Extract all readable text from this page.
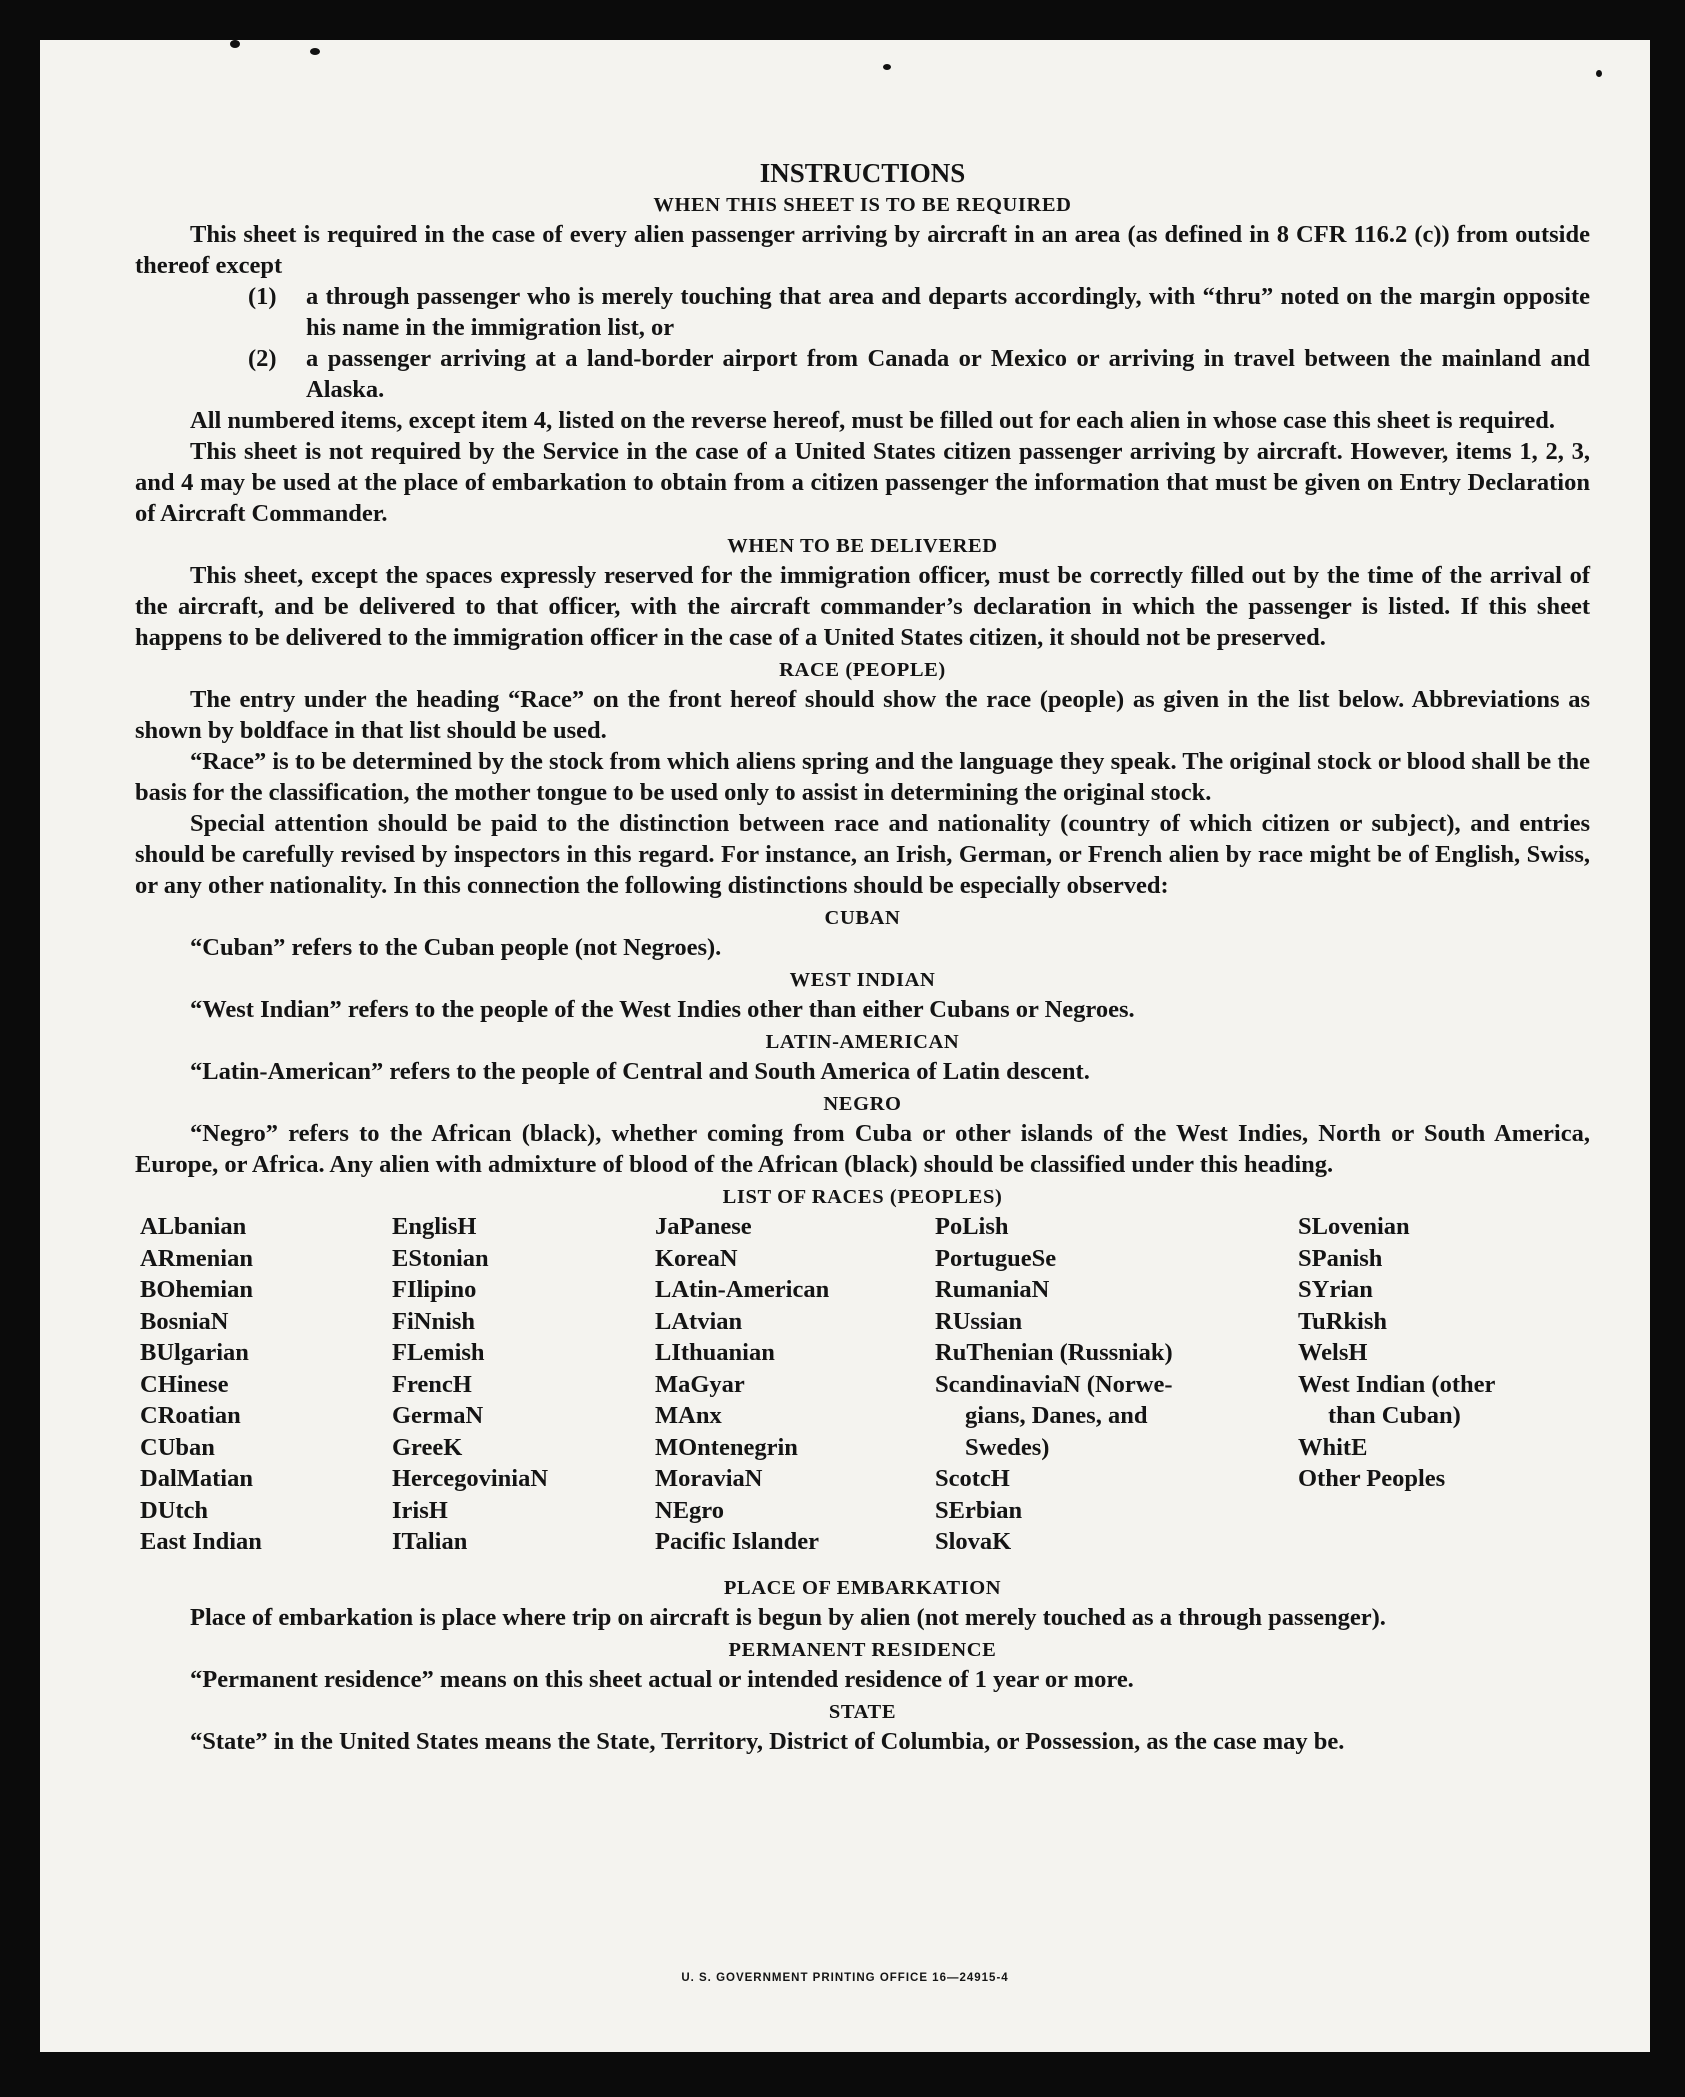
INSTRUCTIONS

WHEN THIS SHEET IS TO BE REQUIRED

This sheet is required in the case of every alien passenger arriving by aircraft in an area (as defined in 8 CFR 116.2 (c)) from outside thereof except

(1) a through passenger who is merely touching that area and departs accordingly, with “thru” noted on the margin opposite his name in the immigration list, or

(2) a passenger arriving at a land-border airport from Canada or Mexico or arriving in travel between the mainland and Alaska.

All numbered items, except item 4, listed on the reverse hereof, must be filled out for each alien in whose case this sheet is required.

This sheet is not required by the Service in the case of a United States citizen passenger arriving by aircraft. However, items 1, 2, 3, and 4 may be used at the place of embarkation to obtain from a citizen passenger the information that must be given on Entry Declaration of Aircraft Commander.

WHEN TO BE DELIVERED

This sheet, except the spaces expressly reserved for the immigration officer, must be correctly filled out by the time of the arrival of the aircraft, and be delivered to that officer, with the aircraft commander’s declaration in which the passenger is listed. If this sheet happens to be delivered to the immigration officer in the case of a United States citizen, it should not be preserved.

RACE (PEOPLE)

The entry under the heading “Race” on the front hereof should show the race (people) as given in the list below. Abbreviations as shown by boldface in that list should be used.

“Race” is to be determined by the stock from which aliens spring and the language they speak. The original stock or blood shall be the basis for the classification, the mother tongue to be used only to assist in determining the original stock.

Special attention should be paid to the distinction between race and nationality (country of which citizen or subject), and entries should be carefully revised by inspectors in this regard. For instance, an Irish, German, or French alien by race might be of English, Swiss, or any other nationality. In this connection the following distinctions should be especially observed:

CUBAN

“Cuban” refers to the Cuban people (not Negroes).

WEST INDIAN

“West Indian” refers to the people of the West Indies other than either Cubans or Negroes.

LATIN-AMERICAN

“Latin-American” refers to the people of Central and South America of Latin descent.

NEGRO

“Negro” refers to the African (black), whether coming from Cuba or other islands of the West Indies, North or South America, Europe, or Africa. Any alien with admixture of blood of the African (black) should be classified under this heading.

LIST OF RACES (PEOPLES)

ALbanian

ARmenian

BOhemian

BosniaN

BUlgarian

CHinese

CRoatian

CUban

DalMatian

DUtch

East Indian

EnglisH

EStonian

FIlipino

FiNnish

FLemish

FrencH

GermaN

GreeK

HercegoviniaN

IrisH

ITalian

JaPanese

KoreaN

LAtin-American

LAtvian

LIthuanian

MaGyar

MAnx

MOntenegrin

MoraviaN

NEgro

Pacific Islander

PoLish

PortugueSe

RumaniaN

RUssian

RuThenian (Russniak)

ScandinaviaN (Norwe-

gians, Danes, and

Swedes)

ScotcH

SErbian

SlovaK

SLovenian

SPanish

SYrian

TuRkish

WelsH

West Indian (other

than Cuban)

WhitE

Other Peoples

PLACE OF EMBARKATION

Place of embarkation is place where trip on aircraft is begun by alien (not merely touched as a through passenger).

PERMANENT RESIDENCE

“Permanent residence” means on this sheet actual or intended residence of 1 year or more.

STATE

“State” in the United States means the State, Territory, District of Columbia, or Possession, as the case may be.

U. S. GOVERNMENT PRINTING OFFICE 16—24915-4
